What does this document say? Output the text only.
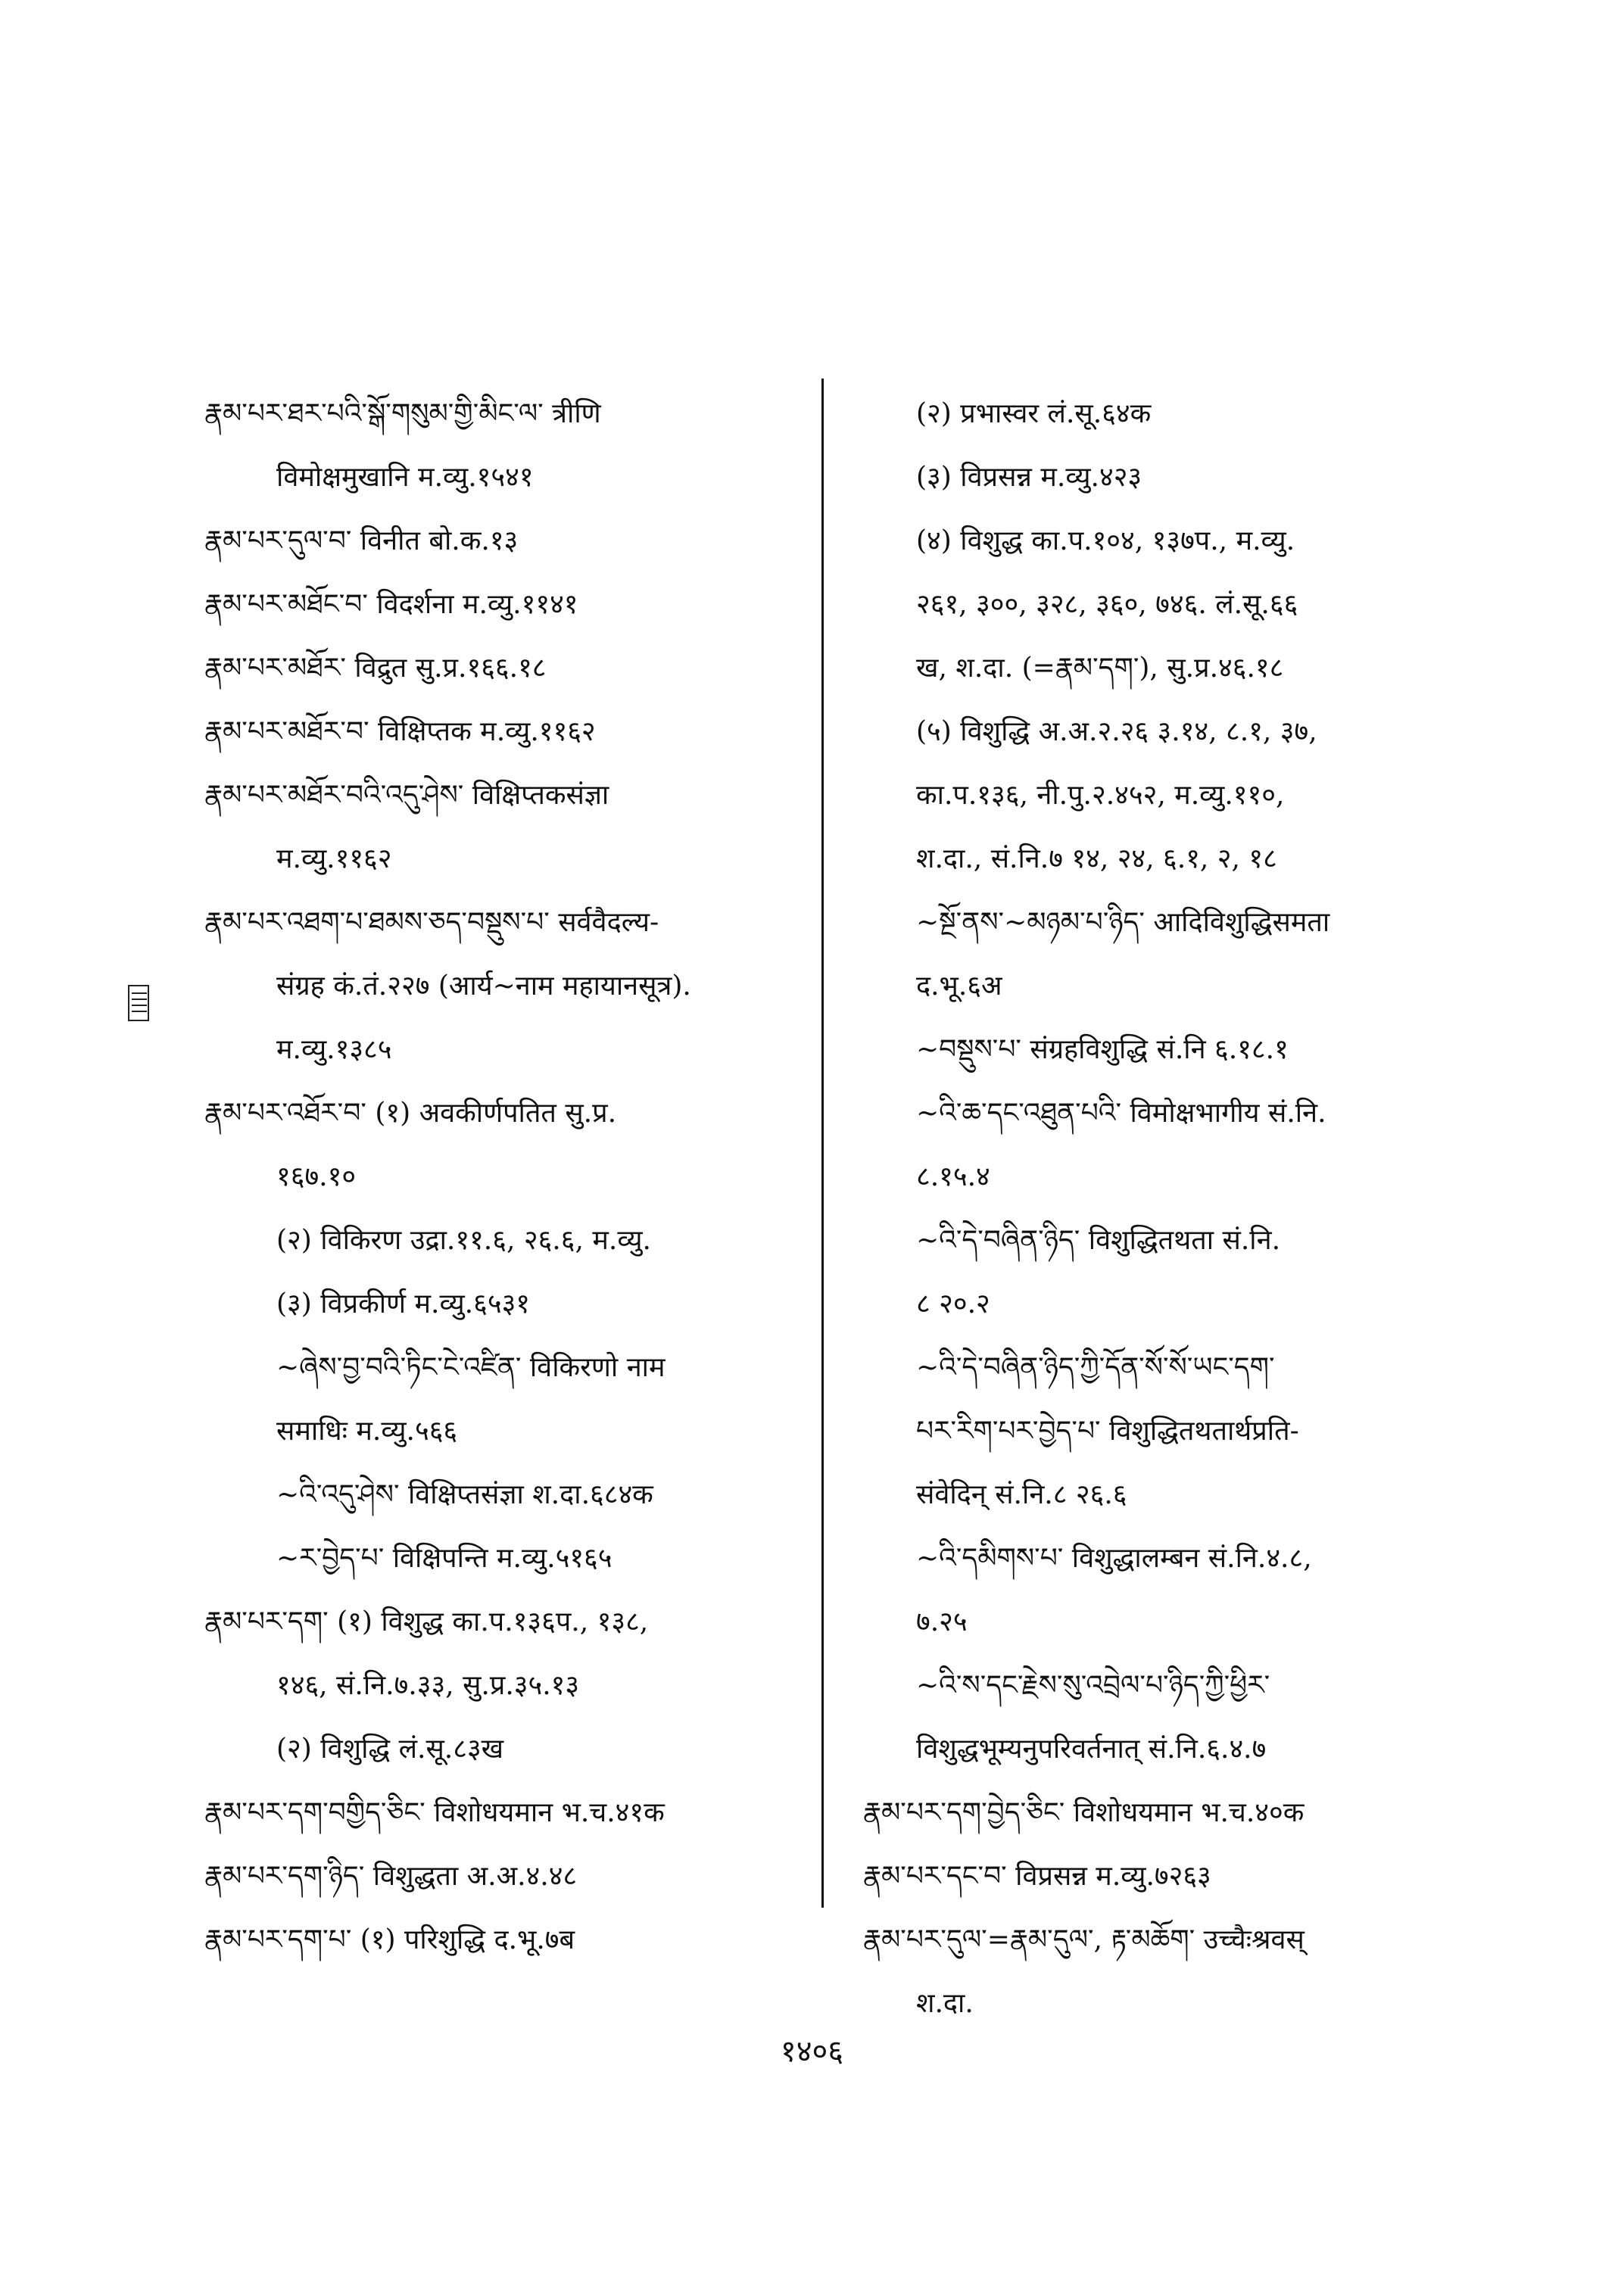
རྣམ་པར་ཐར་པའི་སྒོ་གསུམ་གྱི་མིང་ལ་ त्रीणि
विमोक्षमुखानि म.व्यु.१५४१
རྣམ་པར་དུལ་བ་ विनीत बो.क.१३
རྣམ་པར་མཐོང་བ་ विदर्शना म.व्यु.११४१
རྣམ་པར་མཐོར་ विद्रुत सु.प्र.१६६.१८
རྣམ་པར་མཐོར་བ་ विक्षिप्तक म.व्यु.११६२
རྣམ་པར་མཐོར་བའི་འདུ་ཤེས་ विक्षिप्तकसंज्ञा
म.व्यु.११६२
རྣམ་པར་འཐག་པ་ཐམས་ཅད་བསྡུས་པ་ सर्ववैदल्य-
संग्रह कं.तं.२२७ (आर्य~नाम महायानसूत्र).
म.व्यु.१३८५
རྣམ་པར་འཐོར་བ་ (१) अवकीर्णपतित सु.प्र.
१६७.१०
(२) विकिरण उद्रा.११.६, २६.६, म.व्यु.
(३) विप्रकीर्ण म.व्यु.६५३१
~ཞེས་བྱ་བའི་ཏིང་ངེ་འཛིན་ विकिरणो नाम
समाधिः म.व्यु.५६६
~འི་འདུ་ཤེས་ विक्षिप्तसंज्ञा श.दा.६८४क
~ར་བྱེད་པ་ विक्षिपन्ति म.व्यु.५१६५
རྣམ་པར་དག་ (१) विशुद्ध का.प.१३६प., १३८,
१४६, सं.नि.७.३३, सु.प्र.३५.१३
(२) विशुद्धि लं.सू.८३ख
རྣམ་པར་དག་བགྱིད་ཅིང་ विशोधयमान भ.च.४१क
རྣམ་པར་དག་ཉིད་ विशुद्धता अ.अ.४.४८
རྣམ་པར་དག་པ་ (१) परिशुद्धि द.भू.७ब
(२) प्रभास्वर लं.सू.६४क
(३) विप्रसन्न म.व्यु.४२३
(४) विशुद्ध का.प.१०४, १३७प., म.व्यु.
२६१, ३००, ३२८, ३६०, ७४६. लं.सू.६६
ख, श.दा. (=རྣམ་དག་), सु.प्र.४६.१८
(५) विशुद्धि अ.अ.२.२६ ३.१४, ८.१, ३७,
का.प.१३६, नी.पु.२.४५२, म.व्यु.११०,
श.दा., सं.नि.७ १४, २४, ६.१, २, १८
~སྔོ་ནས་~མཉམ་པ་ཉིད་ आदिविशुद्धिसमता
द.भू.६अ
~བསྡུས་པ་ संग्रहविशुद्धि सं.नि ६.१८.१
~འི་ཆ་དང་འཐུན་པའི་ विमोक्षभागीय सं.नि.
८.१५.४
~འི་དེ་བཞིན་ཉིད་ विशुद्धितथता सं.नि.
८ २०.२
~འི་དེ་བཞིན་ཉིད་ཀྱི་དོན་སོ་སོ་ཡང་དག་
པར་རིག་པར་བྱེད་པ་ विशुद्धितथतार्थप्रति-
संवेदिन् सं.नि.८ २६.६
~འི་དམིགས་པ་ विशुद्धालम्बन सं.नि.४.८,
७.२५
~འི་ས་དང་རྗེས་སུ་འབྲེལ་པ་ཉིད་ཀྱི་ཕྱིར་
विशुद्धभूम्यनुपरिवर्तनात् सं.नि.६.४.७
རྣམ་པར་དག་བྱེད་ཅིང་ विशोधयमान भ.च.४०क
རྣམ་པར་དང་བ་ विप्रसन्न म.व्यु.७२६३
རྣམ་པར་དུལ་=རྣམ་དུལ་, རྟ་མཆོག་ उच्चैःश्रवस्
श.दा.
१४०६
